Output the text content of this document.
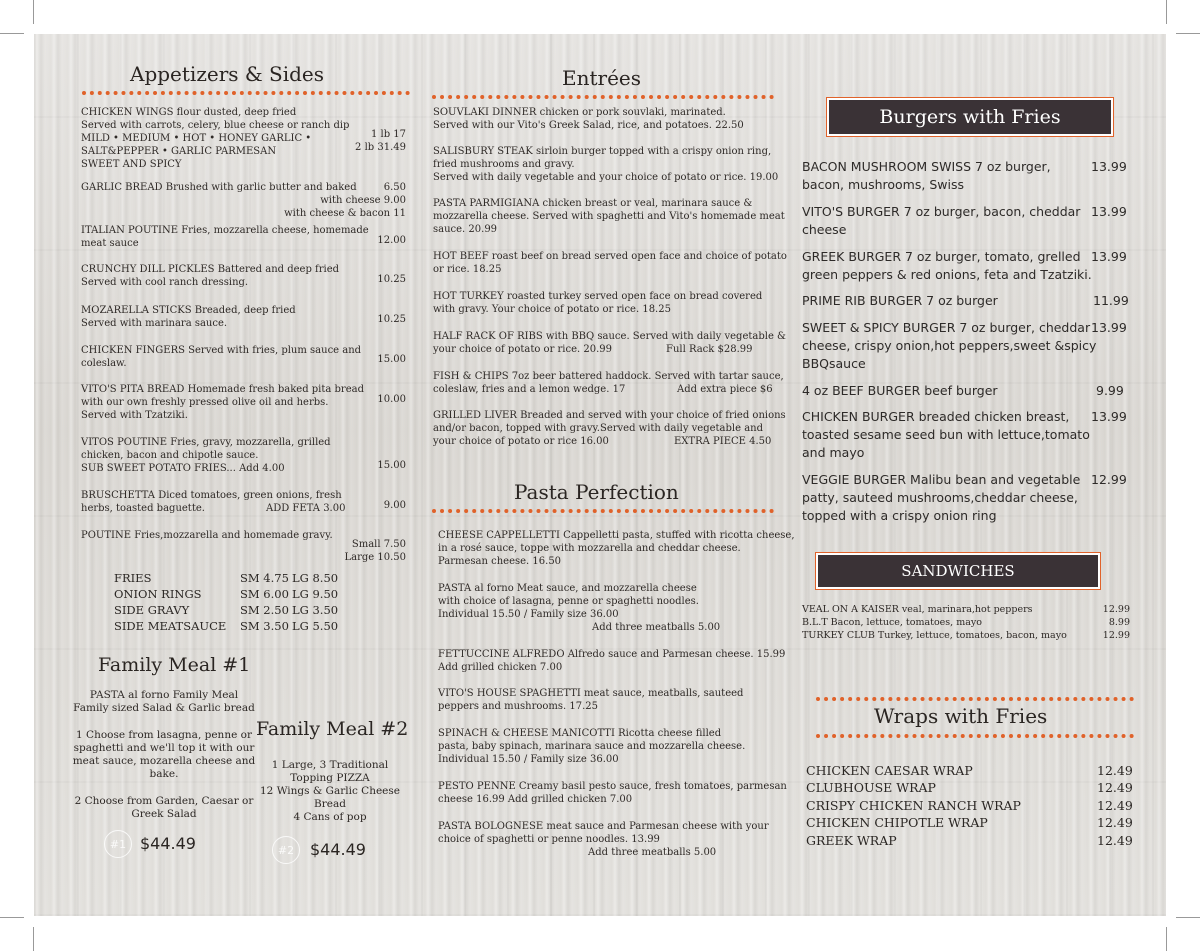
Appetizers & Sides
CHICKEN WINGS flour dusted, deep fried
Served with carrots, celery, blue cheese or ranch dip
MILD • MEDIUM • HOT • HONEY GARLIC •
SALT&PEPPER • GARLIC PARMESAN
SWEET AND SPICY
1 lb 17
2 lb 31.49
GARLIC BREAD Brushed with garlic butter and baked	6.50
with cheese 9.00
with cheese & bacon 11
ITALIAN POUTINE Fries, mozzarella cheese, homemade
meat sauce	12.00
CRUNCHY DILL PICKLES Battered and deep fried
Served with cool ranch dressing.	10.25
MOZARELLA STICKS Breaded, deep fried
Served with marinara sauce.	10.25
CHICKEN FINGERS Served with fries, plum sauce and
coleslaw.	15.00
VITO'S PITA BREAD Homemade fresh baked pita bread
with our own freshly pressed olive oil and herbs.
Served with Tzatziki.
10.00
VITOS POUTINE Fries, gravy, mozzarella, grilled
chicken, bacon and chipotle sauce.
SUB SWEET POTATO FRIES... Add 4.00	15.00
BRUSCHETTA Diced tomatoes, green onions, fresh
herbs, toasted baguette.	ADD FETA 3.00	9.00
POUTINE Fries,mozzarella and homemade gravy.
Small 7.50
Large 10.50
FRIES	SM 4.75 LG 8.50
ONION RINGS	SM 6.00 LG 9.50
SIDE GRAVY	SM 2.50 LG 3.50
SIDE MEATSAUCE SM 3.50 LG 5.50
Family Meal #1
PASTA al forno Family Meal
Family sized Salad & Garlic bread
1 Choose from lasagna, penne or
spaghetti and we'll top it with our
meat sauce, mozarella cheese and
bake.
2 Choose from Garden, Caesar or
Greek Salad
#1 $44.49
Family Meal #2
1 Large, 3 Traditional
Topping PIZZA
12 Wings & Garlic Cheese
Bread
4 Cans of pop
#2 $44.49
Entrées
SOUVLAKI DINNER chicken or pork souvlaki, marinated.
Served with our Vito's Greek Salad, rice, and potatoes. 22.50
SALISBURY STEAK sirloin burger topped with a crispy onion ring,
fried mushrooms and gravy.
Served with daily vegetable and your choice of potato or rice. 19.00
PASTA PARMIGIANA chicken breast or veal, marinara sauce &
mozzarella cheese. Served with spaghetti and Vito's homemade meat
sauce. 20.99
HOT BEEF roast beef on bread served open face and choice of potato
or rice. 18.25
HOT TURKEY roasted turkey served open face on bread covered
with gravy. Your choice of potato or rice. 18.25
HALF RACK OF RIBS with BBQ sauce. Served with daily vegetable &
your choice of potato or rice. 20.99	Full Rack $28.99
FISH & CHIPS 7oz beer battered haddock. Served with tartar sauce,
coleslaw, fries and a lemon wedge. 17	Add extra piece $6
GRILLED LIVER Breaded and served with your choice of fried onions
and/or bacon, topped with gravy.Served with daily vegetable and
your choice of potato or rice 16.00	EXTRA PIECE 4.50
Pasta Perfection
CHEESE CAPPELLETTI Cappelletti pasta, stuffed with ricotta cheese,
in a rosé sauce, toppe with mozzarella and cheddar cheese.
Parmesan cheese. 16.50
PASTA al forno Meat sauce, and mozzarella cheese
with choice of lasagna, penne or spaghetti noodles.
Individual 15.50 / Family size 36.00
Add three meatballs 5.00
FETTUCCINE ALFREDO Alfredo sauce and Parmesan cheese. 15.99
Add grilled chicken 7.00
VITO'S HOUSE SPAGHETTI meat sauce, meatballs, sauteed
peppers and mushrooms. 17.25
SPINACH & CHEESE MANICOTTI Ricotta cheese filled
pasta, baby spinach, marinara sauce and mozzarella cheese.
Individual 15.50 / Family size 36.00
PESTO PENNE Creamy basil pesto sauce, fresh tomatoes, parmesan
cheese 16.99 Add grilled chicken 7.00
PASTA BOLOGNESE meat sauce and Parmesan cheese with your
choice of spaghetti or penne noodles. 13.99
Add three meatballs 5.00
Burgers with Fries
BACON MUSHROOM SWISS 7 oz burger,
bacon, mushrooms, Swiss
13.99
VITO'S BURGER 7 oz burger, bacon, cheddar
cheese
13.99
GREEK BURGER 7 oz burger, tomato, grelled
green peppers & red onions, feta and Tzatziki.
13.99
PRIME RIB BURGER 7 oz burger	11.99
SWEET & SPICY BURGER 7 oz burger, cheddar
cheese, crispy onion,hot peppers,sweet &spicy
BBQsauce
13.99
4 oz BEEF BURGER beef burger	9.99
CHICKEN BURGER breaded chicken breast,
toasted sesame seed bun with lettuce,tomato
and mayo
13.99
VEGGIE BURGER Malibu bean and vegetable
patty, sauteed mushrooms,cheddar cheese,
topped with a crispy onion ring
12.99
SANDWICHES
VEAL ON A KAISER veal, marinara,hot peppers	12.99
B.L.T Bacon, lettuce, tomatoes, mayo	8.99
TURKEY CLUB Turkey, lettuce, tomatoes, bacon, mayo	12.99
Wraps with Fries
CHICKEN CAESAR WRAP	12.49
CLUBHOUSE WRAP	12.49
CRISPY CHICKEN RANCH WRAP	12.49
CHICKEN CHIPOTLE WRAP	12.49
GREEK WRAP	12.49
